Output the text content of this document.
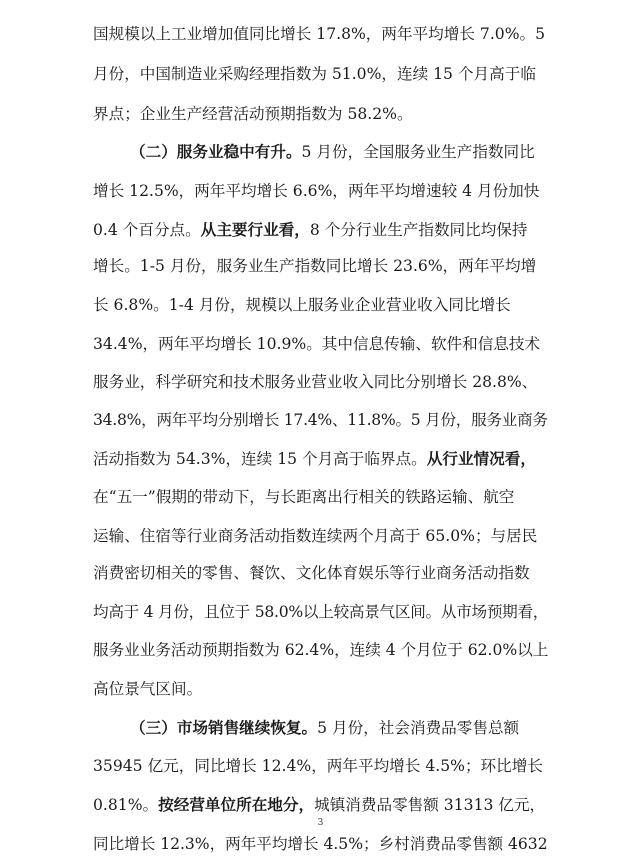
国规模以上工业增加值同比增长 17.8%，两年平均增长 7.0%。5
月份，中国制造业采购经理指数为 51.0%，连续 15 个月高于临
界点；企业生产经营活动预期指数为 58.2%。
（二）服务业稳中有升。5 月份，全国服务业生产指数同比
增长 12.5%，两年平均增长 6.6%，两年平均增速较 4 月份加快
0.4 个百分点。从主要行业看，8 个分行业生产指数同比均保持
增长。1-5 月份，服务业生产指数同比增长 23.6%，两年平均增
长 6.8%。1-4 月份，规模以上服务业企业营业收入同比增长
34.4%，两年平均增长 10.9%。其中信息传输、软件和信息技术
服务业，科学研究和技术服务业营业收入同比分别增长 28.8%、
34.8%，两年平均分别增长 17.4%、11.8%。5 月份，服务业商务
活动指数为 54.3%，连续 15 个月高于临界点。从行业情况看，
在“五一”假期的带动下，与长距离出行相关的铁路运输、航空
运输、住宿等行业商务活动指数连续两个月高于 65.0%；与居民
消费密切相关的零售、餐饮、文化体育娱乐等行业商务活动指数
均高于 4 月份，且位于 58.0%以上较高景气区间。从市场预期看，
服务业业务活动预期指数为 62.4%，连续 4 个月位于 62.0%以上
高位景气区间。
（三）市场销售继续恢复。5 月份，社会消费品零售总额
35945 亿元，同比增长 12.4%，两年平均增长 4.5%；环比增长
0.81%。按经营单位所在地分，城镇消费品零售额 31313 亿元，
同比增长 12.3%，两年平均增长 4.5%；乡村消费品零售额 4632
3
